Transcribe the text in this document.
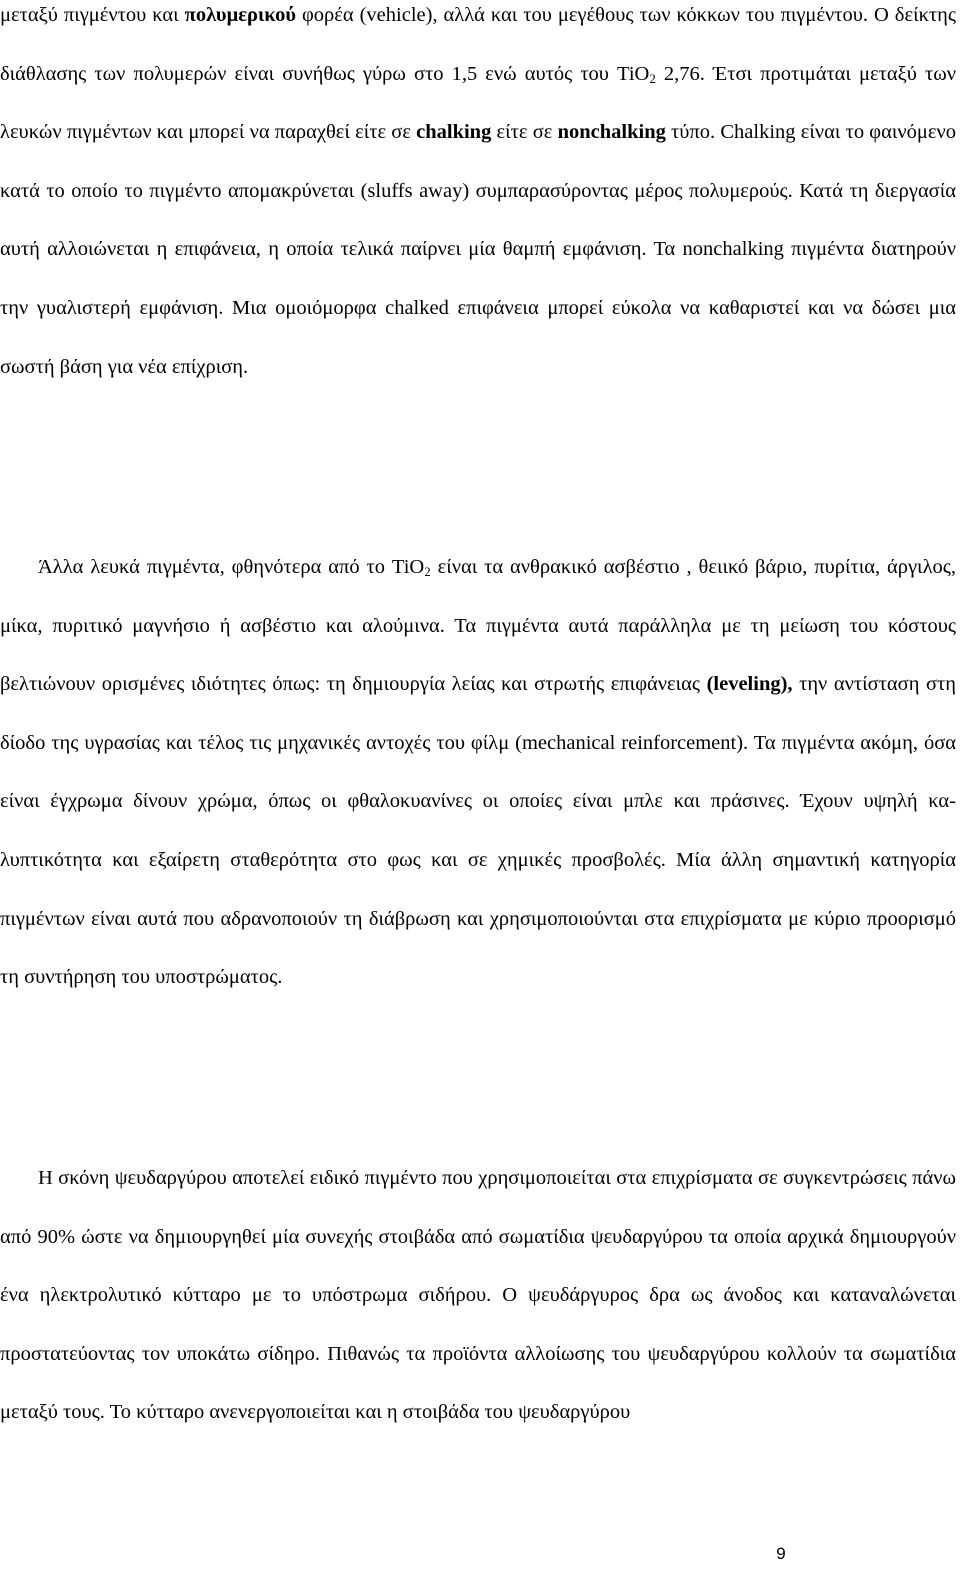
μεταξύ πιγμέντου και πολυμερικού φορέα (vehicle), αλλά και του μεγέθους των κόκκων του πιγμέντου. Ο δείκτης διάθλασης των πολυμερών είναι συνήθως γύρω στο 1,5 ενώ αυτός του TiO$_2$ 2,76. Έτσι προτιμάται μεταξύ των λευκών πιγμέντων και μπορεί να παραχθεί είτε σε chalking είτε σε nonchalking τύπο. Chalking είναι το φαινόμενο κατά το οποίο το πιγμέντο απομακρύνεται (sluffs away) συμπαρασύροντας μέρος πολυμερούς. Κατά τη διεργασία αυτή αλλοιώνεται η επιφάνεια, η οποία τελικά παίρνει μία θαμπή εμφάνιση. Τα nonchalking πιγμέντα διατηρούν την γυαλιστερή εμφάνιση. Μια ομοιόμορφα chalked επιφάνεια μπορεί εύκολα να καθαριστεί και να δώσει μια σωστή βάση για νέα επίχριση.

Άλλα λευκά πιγμέντα, φθηνότερα από το TiO$_2$ είναι τα ανθρακικό ασβέστιο , θειικό βάριο, πυρίτια, άργιλος, μίκα, πυριτικό μαγνήσιο ή ασβέστιο και αλούμινα. Τα πιγμέντα αυτά παράλληλα με τη μείωση του κόστους βελτιώνουν ορισμένες ιδιότητες όπως: τη δημιουργία λείας και στρωτής επιφάνειας (leveling), την αντίσταση στη δίοδο της υγρασίας και τέλος τις μηχανικές αντοχές του φίλμ (mechanical reinforcement). Τα πιγμέντα ακόμη, όσα είναι έγχρωμα δίνουν χρώμα, όπως οι φθαλοκυανίνες οι οποίες είναι μπλε και πράσινες. Έχουν υψηλή κα-λυπτικότητα και εξαίρετη σταθερότητα στο φως και σε χημικές προσβολές. Μία άλλη σημαντική κατηγορία πιγμέντων είναι αυτά που αδρανοποιούν τη διάβρωση και χρησιμοποιούνται στα επιχρίσματα με κύριο προορισμό τη συντήρηση του υποστρώματος.

Η σκόνη ψευδαργύρου αποτελεί ειδικό πιγμέντο που χρησιμοποιείται στα επιχρίσματα σε συγκεντρώσεις πάνω από 90% ώστε να δημιουργηθεί μία συνεχής στοιβάδα από σωματίδια ψευδαργύρου τα οποία αρχικά δημιουργούν ένα ηλεκτρολυτικό κύτταρο με το υπόστρωμα σιδήρου. Ο ψευδάργυρος δρα ως άνοδος και καταναλώνεται προστατεύοντας τον υποκάτω σίδηρο. Πιθανώς τα προϊόντα αλλοίωσης του ψευδαργύρου κολλούν τα σωματίδια μεταξύ τους. Το κύτταρο ανενεργοποιείται και η στοιβάδα του ψευδαργύρου

9
